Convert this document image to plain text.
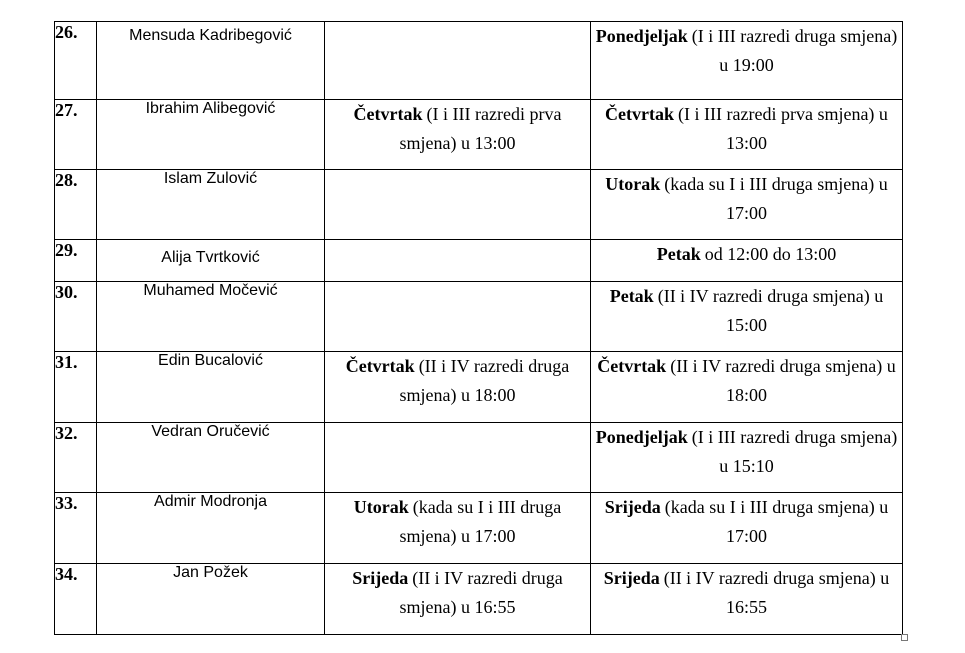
26.	Mensuda Kadribegović		Ponedjeljak (I i III razredi druga smjena) u 19:00
27.	Ibrahim Alibegović	Četvrtak (I i III razredi prva smjena) u 13:00	Četvrtak (I i III razredi prva smjena) u 13:00
28.	Islam Zulović		Utorak (kada su I i III druga smjena) u 17:00
29.	Alija Tvrtković		Petak od 12:00 do 13:00
30.	Muhamed Močević		Petak (II i IV razredi druga smjena) u 15:00
31.	Edin Bucalović	Četvrtak (II i IV razredi druga smjena) u 18:00	Četvrtak (II i IV razredi druga smjena) u 18:00
32.	Vedran Oručević		Ponedjeljak (I i III razredi druga smjena) u 15:10
33.	Admir Modronja	Utorak (kada su I i III druga smjena) u 17:00	Srijeda (kada su I i III druga smjena) u 17:00
34.	Jan Požek	Srijeda (II i IV razredi druga smjena) u 16:55	Srijeda (II i IV razredi druga smjena) u 16:55
